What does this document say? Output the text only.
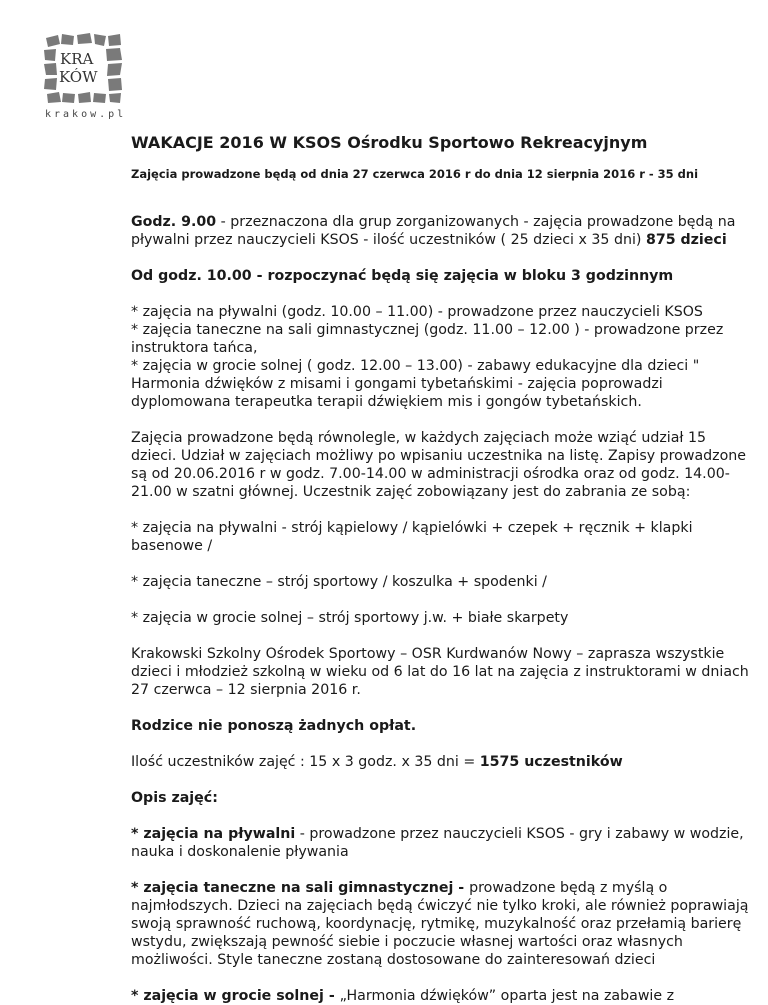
KRA
KÓW
krakow.pl
WAKACJE 2016 W KSOS Ośrodku Sportowo Rekreacyjnym

Zajęcia prowadzone będą od dnia 27 czerwca 2016 r do dnia 12 sierpnia 2016 r - 35 dni

Godz. 9.00 - przeznaczona dla grup zorganizowanych - zajęcia prowadzone będą na pływalni przez nauczycieli KSOS - ilość uczestników ( 25 dzieci x 35 dni) 875 dzieci

Od godz. 10.00 - rozpoczynać będą się zajęcia w bloku 3 godzinnym

* zajęcia na pływalni (godz. 10.00 – 11.00) - prowadzone przez nauczycieli KSOS

* zajęcia taneczne na sali gimnastycznej (godz. 11.00 – 12.00 ) - prowadzone przez instruktora tańca,

* zajęcia w grocie solnej ( godz. 12.00 – 13.00) - zabawy edukacyjne dla dzieci " Harmonia dźwięków z misami i gongami tybetańskimi - zajęcia poprowadzi dyplomowana terapeutka terapii dźwiękiem mis i gongów tybetańskich.

Zajęcia prowadzone będą równolegle, w każdych zajęciach może wziąć udział 15 dzieci. Udział w zajęciach możliwy po wpisaniu uczestnika na listę. Zapisy prowadzone są od 20.06.2016 r w godz. 7.00-14.00 w administracji ośrodka oraz od godz. 14.00-21.00 w szatni głównej. Uczestnik zajęć zobowiązany jest do zabrania ze sobą:

* zajęcia na pływalni - strój kąpielowy / kąpielówki + czepek + ręcznik + klapki basenowe /

* zajęcia taneczne – strój sportowy / koszulka + spodenki /

* zajęcia w grocie solnej – strój sportowy j.w. + białe skarpety

Krakowski Szkolny Ośrodek Sportowy – OSR Kurdwanów Nowy – zaprasza wszystkie dzieci i młodzież szkolną w wieku od 6 lat do 16 lat na zajęcia z instruktorami w dniach 27 czerwca – 12 sierpnia 2016 r.

Rodzice nie ponoszą żadnych opłat.

Ilość uczestników zajęć : 15 x 3 godz. x 35 dni = 1575 uczestników

Opis zajęć:

* zajęcia na pływalni - prowadzone przez nauczycieli KSOS - gry i zabawy w wodzie, nauka i doskonalenie pływania

* zajęcia taneczne na sali gimnastycznej - prowadzone będą z myślą o najmłodszych. Dzieci na zajęciach będą ćwiczyć nie tylko kroki, ale również poprawiają swoją sprawność ruchową, koordynację, rytmikę, muzykalność oraz przełamią barierę wstydu, zwiększają pewność siebie i poczucie własnej wartości oraz własnych możliwości. Style taneczne zostaną dostosowane do zainteresowań dzieci

* zajęcia w grocie solnej - „Harmonia dźwięków” oparta jest na zabawie z
